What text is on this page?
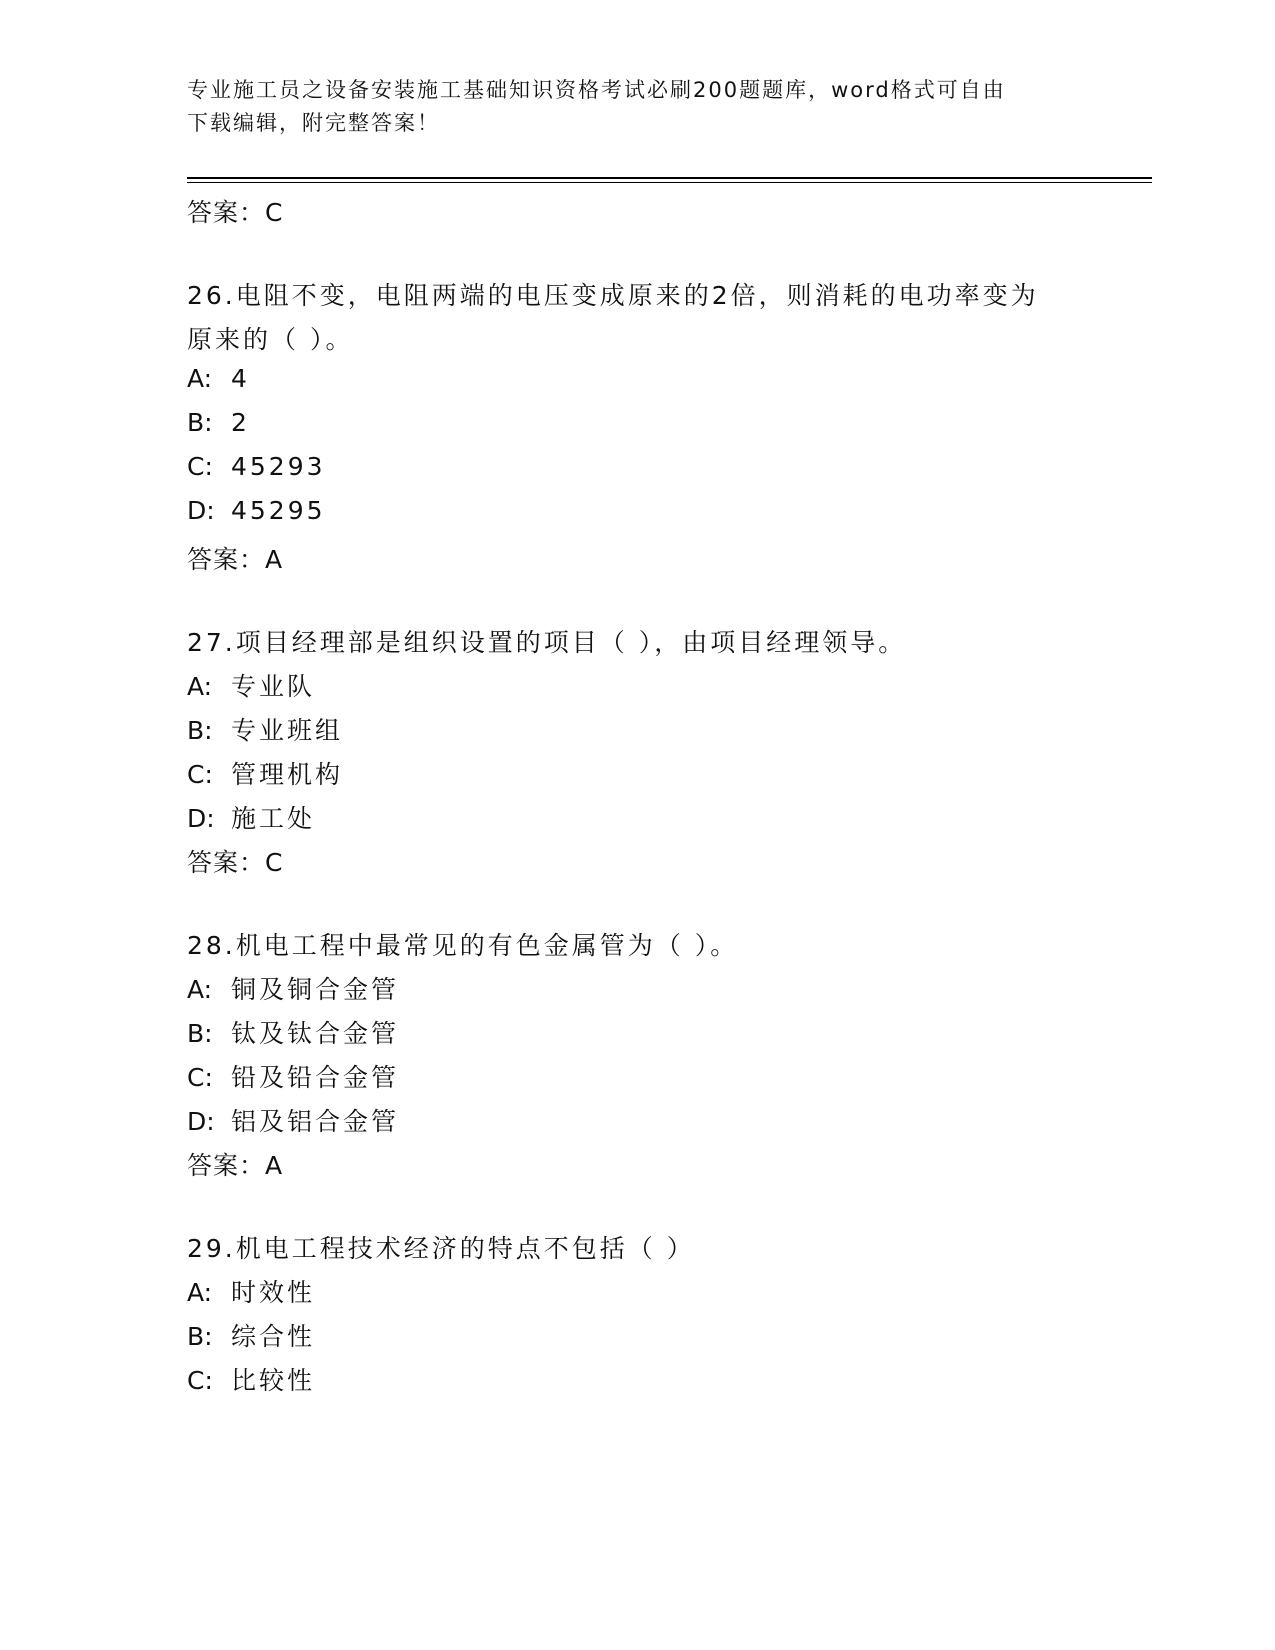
专业施工员之设备安装施工基础知识资格考试必刷200题题库，word格式可自由
下载编辑，附完整答案！
答案：C
26.电阻不变，电阻两端的电压变成原来的2倍，则消耗的电功率变为
原来的（ ）。
A: 4
B: 2
C: 45293
D: 45295
答案：A
27.项目经理部是组织设置的项目（ ），由项目经理领导。
A: 专业队
B: 专业班组
C: 管理机构
D: 施工处
答案：C
28.机电工程中最常见的有色金属管为（ ）。
A: 铜及铜合金管
B: 钛及钛合金管
C: 铅及铅合金管
D: 铝及铝合金管
答案：A
29.机电工程技术经济的特点不包括（ ）
A: 时效性
B: 综合性
C: 比较性
